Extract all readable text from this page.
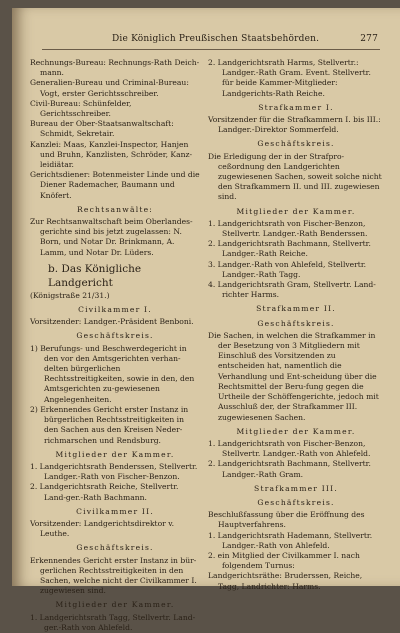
Die Königlich Preußischen Staatsbehörden.	277

Rechnungs-Bureau: Rechnungs-Rath Deich-mann.

Generalien-Bureau und Criminal-Bureau: Vogt, erster Gerichtsschreiber.

Civil-Bureau: Schünfelder, Gerichtsschreiber.

Bureau der Ober-Staatsanwaltschaft: Schmidt, Sekretair.

Kanzlei: Maas, Kanzlei-Inspector, Hanjen und Bruhn, Kanzlisten, Schröder, Kanz-leidiätar.

Gerichtsdiener: Botenmeister Linde und die Diener Rademacher, Baumann und Knöfert.

Rechtsanwälte:

Zur Rechtsanwaltschaft beim Oberlandes-gerichte sind bis jetzt zugelassen: N. Born, und Notar Dr. Brinkmann, A. Lamm, und Notar Dr. Lüders.

b. Das Königliche Landgericht

(Königstraße 21/31.)

Civilkammer I.

Vorsitzender: Landger.-Präsident Benboni.

Geschäftskreis.

1) Berufungs- und Beschwerdegericht in den vor den Amtsgerichten verhan-delten bürgerlichen Rechtsstreitigkeiten, sowie in den, den Amtsgerichten zu-gewiesenen Angelegenheiten.

2) Erkennendes Gericht erster Instanz in bürgerlichen Rechtsstreitigkeiten in den Sachen aus den Kreisen Neder-richmarschen und Rendsburg.

Mitglieder der Kammer.

1. Landgerichtsrath Benderssen, Stellvertr. Landger.-Rath von Fischer-Benzon.

2. Landgerichtsrath Reiche, Stellvertr. Land-ger.-Rath Bachmann.

Civilkammer II.

Vorsitzender: Landgerichtsdirektor v. Leuthe.

Geschäftskreis.

Erkennendes Gericht erster Instanz in bür-gerlichen Rechtsstreitigkeiten in den Sachen, welche nicht der Civilkammer I. zugewiesen sind.

Mitglieder der Kammer.

1. Landgerichtsrath Tagg, Stellvertr. Land-ger.-Rath von Ahlefeld.

2. Landgerichtsrath Harms, Stellvertr.: Landger.-Rath Gram. Event. Stellvertr. für beide Kammer-Mitglieder: Landgerichts-Rath Reiche.

Strafkammer I.

Vorsitzender für die Strafkammern I. bis III.: Landger.-Direktor Sommerfeld.

Geschäftskreis.

Die Erledigung der in der Strafpro-ceßordnung den Landgerichten zugewiesenen Sachen, soweit solche nicht den Strafkammern II. und III. zugewiesen sind.

Mitglieder der Kammer.

1. Landgerichtsrath von Fischer-Benzon, Stellvertr. Landger.-Rath Benderssen.

2. Landgerichtsrath Bachmann, Stellvertr. Landger.-Rath Reiche.

3. Landger.-Rath von Ahlefeld, Stellvertr. Landger.-Rath Tagg.

4. Landgerichtsrath Gram, Stellvertr. Land-richter Harms.

Strafkammer II.

Geschäftskreis.

Die Sachen, in welchen die Strafkammer in der Besetzung von 3 Mitgliedern mit Einschluß des Vorsitzenden zu entscheiden hat, namentlich die Verhandlung und Ent-scheidung über die Rechtsmittel der Beru-fung gegen die Urtheile der Schöffengerichte, jedoch mit Ausschluß der, der Strafkammer III. zugewiesenen Sachen.

Mitglieder der Kammer.

1. Landgerichtsrath von Fischer-Benzon, Stellvertr. Landger.-Rath von Ahlefeld.

2. Landgerichtsrath Bachmann, Stellvertr. Landger.-Rath Gram.

Strafkammer III.

Geschäftskreis.

Beschlußfassung über die Eröffnung des Hauptverfahrens.

1. Landgerichtsrath Hademann, Stellvertr. Landger.-Rath von Ahlefeld.

2. ein Mitglied der Civilkammer I. nach folgendem Turnus:

Landgerichtsräthe: Bruderssen, Reiche, Tagg, Landrichter: Harms.
